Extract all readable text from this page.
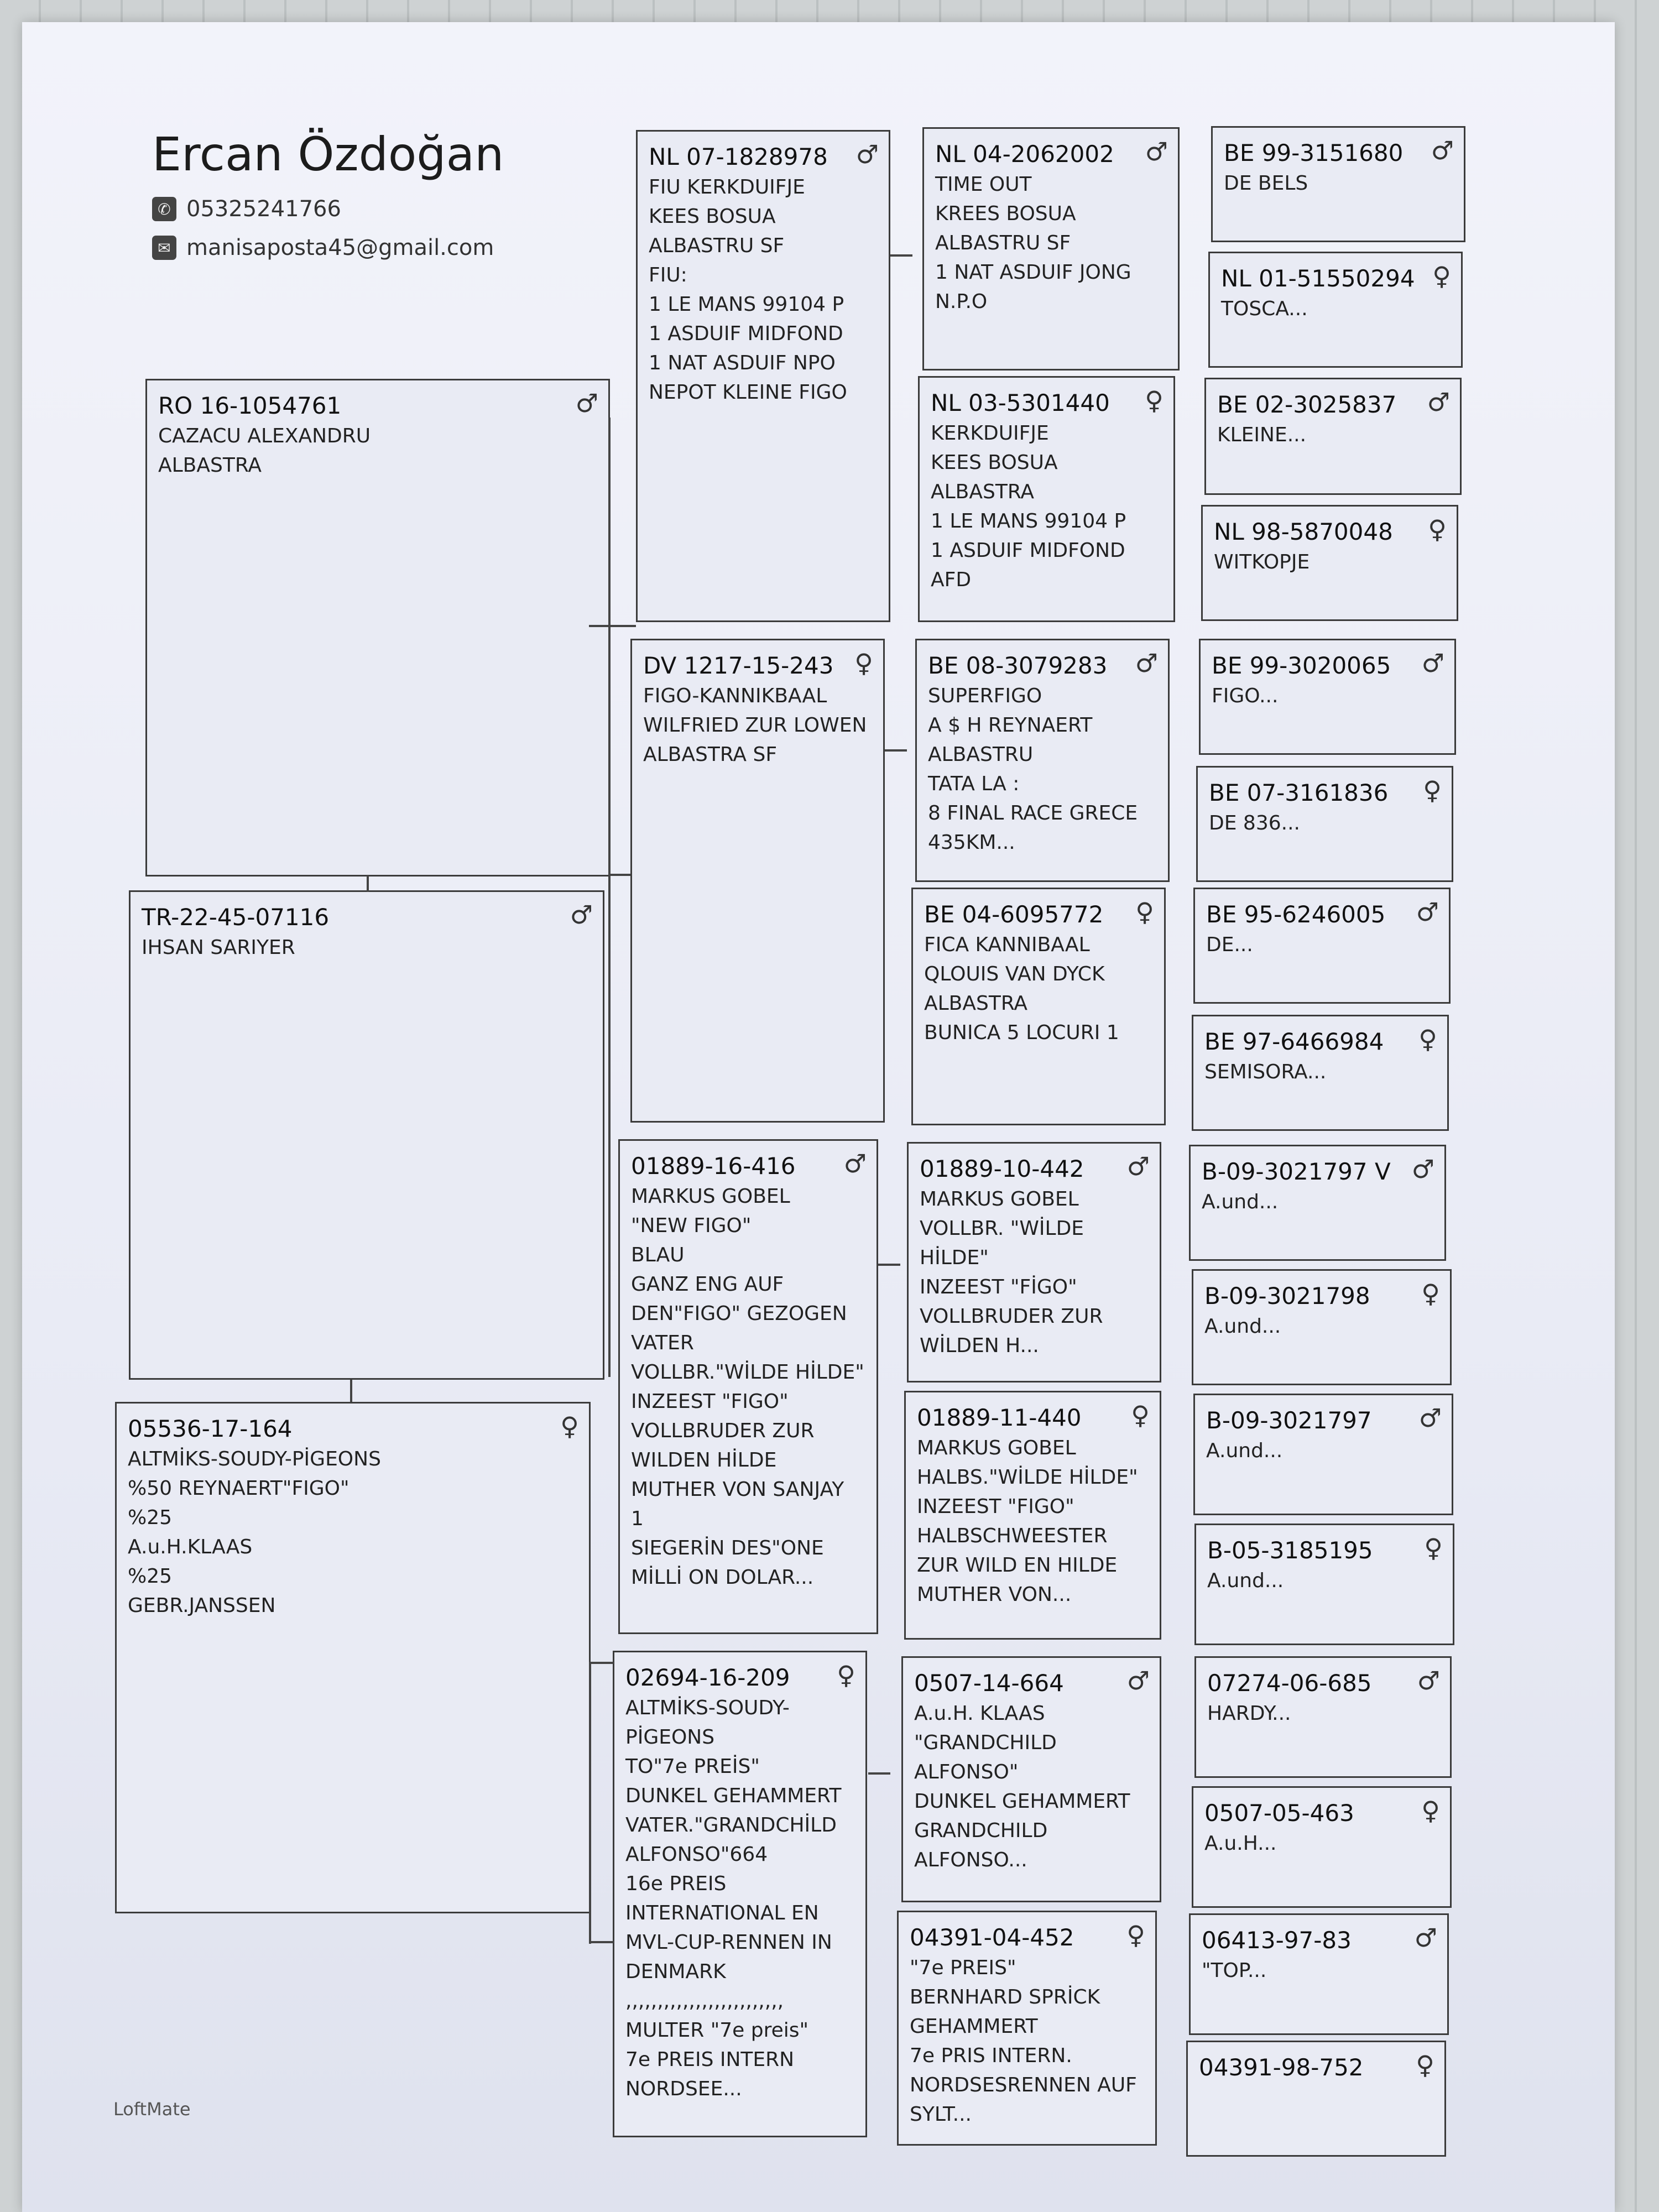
Ercan Özdoğan
✆ 05325241766
✉ manisaposta45@gmail.com
LoftMate
RO 16-1054761	♂
CAZACU ALEXANDRU
ALBASTRA
TR-22-45-07116	♂
IHSAN SARIYER
05536-17-164	♀
ALTMİKS-SOUDY-PİGEONS
%50 REYNAERT"FIGO"
%25
A.u.H.KLAAS
%25
GEBR.JANSSEN
NL 07-1828978	♂
FIU KERKDUIFJE
KEES BOSUA
ALBASTRU SF
FIU:
1 LE MANS 99104 P
1 ASDUIF MIDFOND
1 NAT ASDUIF NPO
NEPOT KLEINE FIGO
DV 1217-15-243 ♀
FIGO-KANNIKBAAL
WILFRIED ZUR LOWEN
ALBASTRA SF
01889-16-416	♂
MARKUS GOBEL
"NEW FIGO"
BLAU
GANZ ENG AUF
DEN"FIGO" GEZOGEN
VATER
VOLLBR."WİLDE HİLDE"
INZEEST "FIGO"
VOLLBRUDER ZUR
WILDEN HİLDE
MUTHER VON SANJAY
1
SIEGERİN DES"ONE
MİLLİ ON DOLAR...
02694-16-209	♀
ALTMİKS-SOUDY-
PİGEONS
TO"7e PREİS"
DUNKEL GEHAMMERT
VATER."GRANDCHİLD
ALFONSO"664
16e PREIS
INTERNATIONAL EN
MVL-CUP-RENNEN IN
DENMARK
,,,,,,,,,,,,,,,,,,,,,,,,,
MULTER "7e preis"
7e PREIS INTERN
NORDSEE...
NL 04-2062002	♂
TIME OUT
KREES BOSUA
ALBASTRU SF
1 NAT ASDUIF JONG
N.P.O
NL 03-5301440	♀
KERKDUIFJE
KEES BOSUA
ALBASTRA
1 LE MANS 99104 P
1 ASDUIF MIDFOND
AFD
BE 08-3079283	♂
SUPERFIGO
A $ H REYNAERT
ALBASTRU
TATA LA :
8 FINAL RACE GRECE
435KM...
BE 04-6095772	♀
FICA KANNIBAAL
QLOUIS VAN DYCK
ALBASTRA
BUNICA 5 LOCURI 1
01889-10-442	♂
MARKUS GOBEL
VOLLBR. "WİLDE
HİLDE"
INZEEST "FİGO"
VOLLBRUDER ZUR
WİLDEN H...
01889-11-440	♀
MARKUS GOBEL
HALBS."WİLDE HİLDE"
INZEEST "FIGO"
HALBSCHWEESTER
ZUR WILD EN HILDE
MUTHER VON...
0507-14-664	♂
A.u.H. KLAAS
"GRANDCHILD
ALFONSO"
DUNKEL GEHAMMERT
GRANDCHILD
ALFONSO...
04391-04-452	♀
"7e PREIS"
BERNHARD SPRİCK
GEHAMMERT
7e PRIS INTERN.
NORDSESRENNEN AUF
SYLT...
BE 99-3151680	♂
DE BELS
NL 01-51550294 ♀
TOSCA...
BE 02-3025837	♂
KLEINE...
NL 98-5870048	♀
WITKOPJE
BE 99-3020065	♂
FIGO...
BE 07-3161836	♀
DE 836...
BE 95-6246005	♂
DE...
BE 97-6466984	♀
SEMISORA...
B-09-3021797 V ♂
A.und...
B-09-3021798	♀
A.und...
B-09-3021797	♂
A.und...
B-05-3185195	♀
A.und...
07274-06-685	♂
HARDY...
0507-05-463	♀
A.u.H...
06413-97-83	♂
"TOP...
04391-98-752	♀
